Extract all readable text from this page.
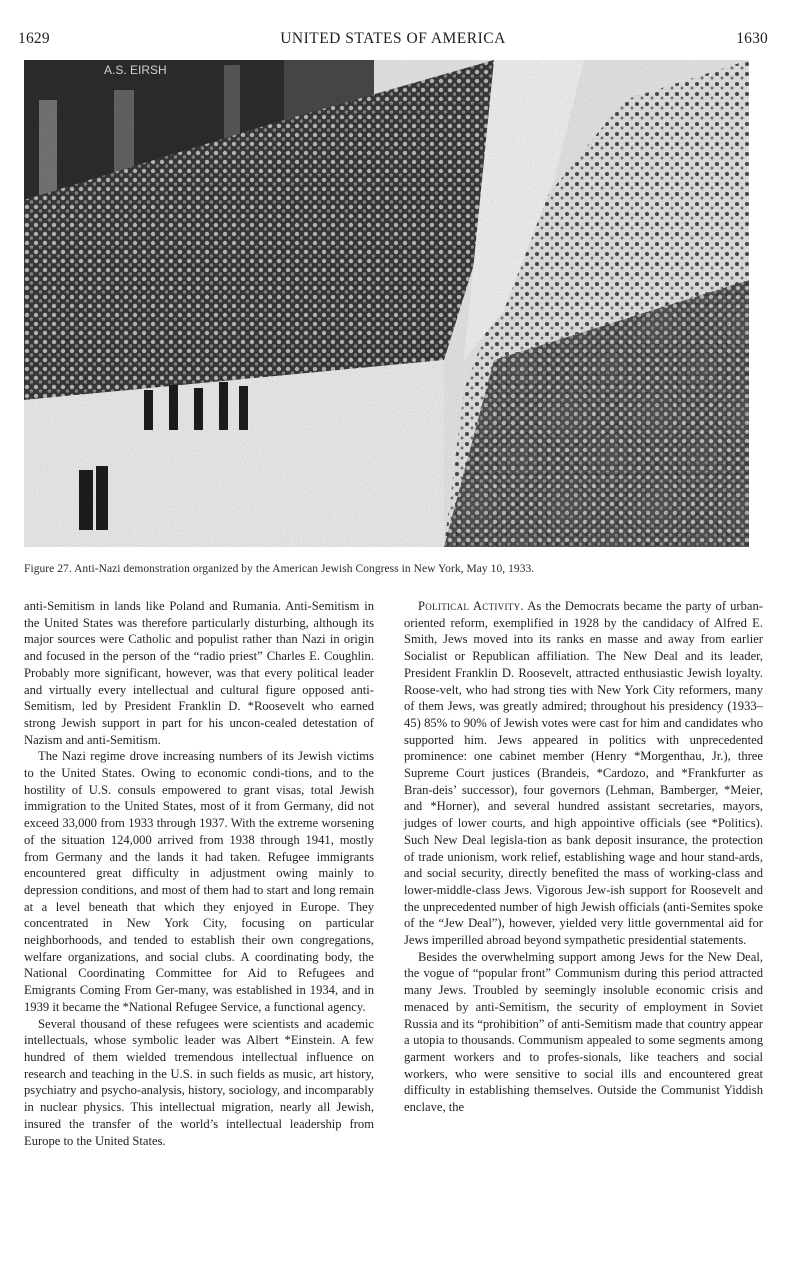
1629	UNITED STATES OF AMERICA	1630
A.S. EIRSH
Figure 27. Anti-Nazi demonstration organized by the American Jewish Congress in New York, May 10, 1933.

anti-Semitism in lands like Poland and Rumania. Anti-Semitism in the United States was therefore particularly disturbing, although its major sources were Catholic and populist rather than Nazi in origin and focused in the person of the “radio priest” Charles E. Coughlin. Probably more significant, however, was that every political leader and virtually every intellectual and cultural figure opposed anti-Semitism, led by President Franklin D. *Roosevelt who earned strong Jewish support in part for his uncon-cealed detestation of Nazism and anti-Semitism.

The Nazi regime drove increasing numbers of its Jewish victims to the United States. Owing to economic condi-tions, and to the hostility of U.S. consuls empowered to grant visas, total Jewish immigration to the United States, most of it from Germany, did not exceed 33,000 from 1933 through 1937. With the extreme worsening of the situation 124,000 arrived from 1938 through 1941, mostly from Germany and the lands it had taken. Refugee immigrants encountered great difficulty in adjustment owing mainly to depression conditions, and most of them had to start and long remain at a level beneath that which they enjoyed in Europe. They concentrated in New York City, focusing on particular neighborhoods, and tended to establish their own congregations, welfare organizations, and social clubs. A coordinating body, the National Coordinating Committee for Aid to Refugees and Emigrants Coming From Ger-many, was established in 1934, and in 1939 it became the *National Refugee Service, a functional agency.

Several thousand of these refugees were scientists and academic intellectuals, whose symbolic leader was Albert *Einstein. A few hundred of them wielded tremendous intellectual influence on research and teaching in the U.S. in such fields as music, art history, psychiatry and psycho-analysis, history, sociology, and incomparably in nuclear physics. This intellectual migration, nearly all Jewish, insured the transfer of the world’s intellectual leadership from Europe to the United States.

Political Activity. As the Democrats became the party of urban-oriented reform, exemplified in 1928 by the candidacy of Alfred E. Smith, Jews moved into its ranks en masse and away from earlier Socialist or Republican affiliation. The New Deal and its leader, President Franklin D. Roosevelt, attracted enthusiastic Jewish loyalty. Roose-velt, who had strong ties with New York City reformers, many of them Jews, was greatly admired; throughout his presidency (1933–45) 85% to 90% of Jewish votes were cast for him and candidates who supported him. Jews appeared in politics with unprecedented prominence: one cabinet member (Henry *Morgenthau, Jr.), three Supreme Court justices (Brandeis, *Cardozo, and *Frankfurter as Bran-deis’ successor), four governors (Lehman, Bamberger, *Meier, and *Horner), and several hundred assistant secretaries, mayors, judges of lower courts, and high appointive officials (see *Politics). Such New Deal legisla-tion as bank deposit insurance, the protection of trade unionism, work relief, establishing wage and hour stand-ards, and social security, directly benefited the mass of working-class and lower-middle-class Jews. Vigorous Jew-ish support for Roosevelt and the unprecedented number of high Jewish officials (anti-Semites spoke of the “Jew Deal”), however, yielded very little governmental aid for Jews imperilled abroad beyond sympathetic presidential statements.

Besides the overwhelming support among Jews for the New Deal, the vogue of “popular front” Communism during this period attracted many Jews. Troubled by seemingly insoluble economic crisis and menaced by anti-Semitism, the security of employment in Soviet Russia and its “prohibition” of anti-Semitism made that country appear a utopia to thousands. Communism appealed to some segments among garment workers and to profes-sionals, like teachers and social workers, who were sensitive to social ills and encountered great difficulty in establishing themselves. Outside the Communist Yiddish enclave, the
